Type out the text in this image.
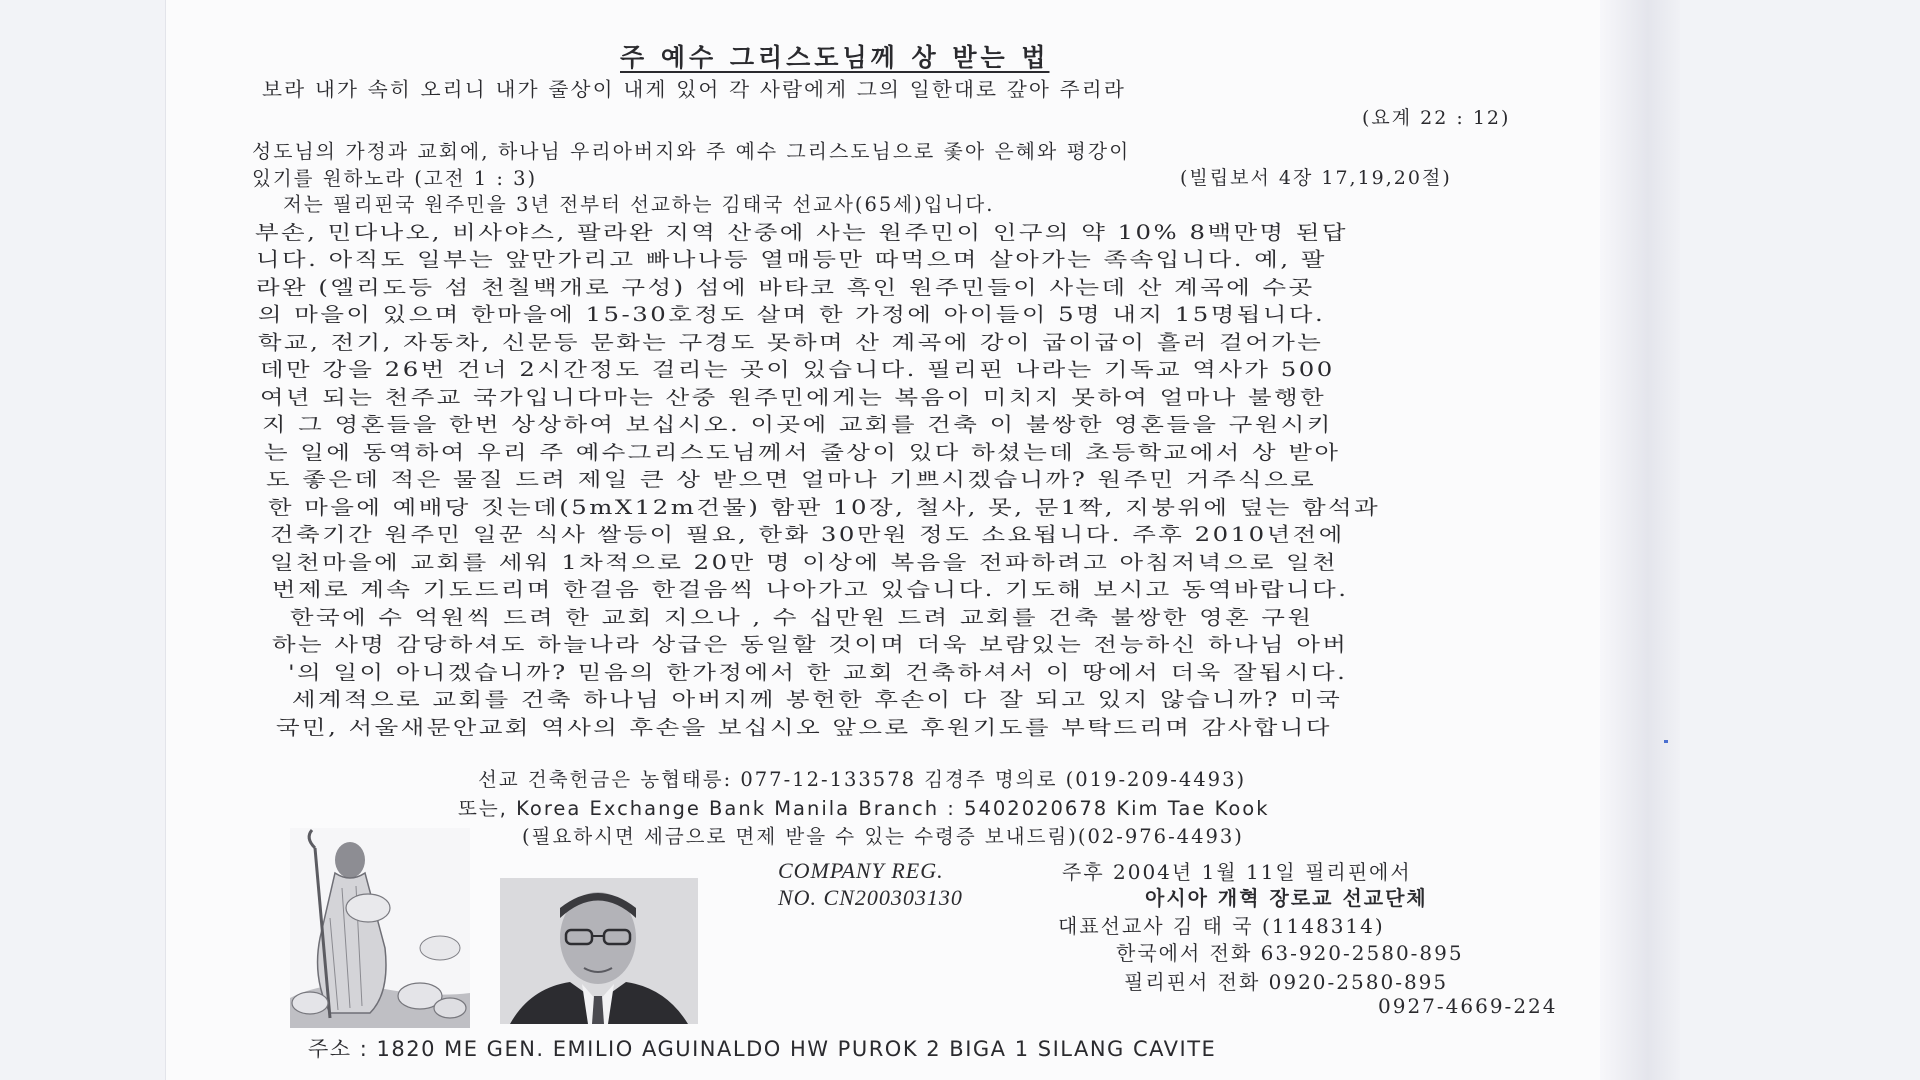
주 예수 그리스도님께 상 받는 법
보라 내가 속히 오리니 내가 줄상이 내게 있어 각 사람에게 그의 일한대로 갚아 주리라
(요계 22 : 12)
성도님의 가정과 교회에, 하나님 우리아버지와 주 예수 그리스도님으로 좇아 은혜와 평강이
(빌립보서 4장 17,19,20절)
있기를 원하노라 (고전 1 : 3)
저는 필리핀국 원주민을 3년 전부터 선교하는 김태국 선교사(65세)입니다.
부손, 민다나오, 비사야스, 팔라완 지역 산중에 사는 원주민이 인구의 약 10% 8백만명 된답
니다. 아직도 일부는 앞만가리고 빠나나등 열매등만 따먹으며 살아가는 족속입니다. 예, 팔
라완 (엘리도등 섬 천칠백개로 구성) 섬에 바타코 흑인 원주민들이 사는데 산 계곡에 수곳
의 마을이 있으며 한마을에 15-30호정도 살며 한 가정에 아이들이 5명 내지 15명됩니다.
학교, 전기, 자동차, 신문등 문화는 구경도 못하며 산 계곡에 강이 굽이굽이 흘러 걸어가는
데만 강을 26번 건너 2시간정도 걸리는 곳이 있습니다. 필리핀 나라는 기독교 역사가 500
여년 되는 천주교 국가입니다마는 산중 원주민에게는 복음이 미치지 못하여 얼마나 불행한
지 그 영혼들을 한번 상상하여 보십시오. 이곳에 교회를 건축 이 불쌍한 영혼들을 구원시키
는 일에 동역하여 우리 주 예수그리스도님께서 줄상이 있다 하셨는데 초등학교에서 상 받아
도 좋은데 적은 물질 드려 제일 큰 상 받으면 얼마나 기쁘시겠습니까? 원주민 거주식으로
한 마을에 예배당 짓는데(5mX12m건물) 함판 10장, 철사, 못, 문1짝, 지붕위에 덮는 함석과
건축기간 원주민 일꾼 식사 쌀등이 필요, 한화 30만원 정도 소요됩니다. 주후 2010년전에
일천마을에 교회를 세워 1차적으로 20만 명 이상에 복음을 전파하려고 아침저녁으로 일천
번제로 계속 기도드리며 한걸음 한걸음씩 나아가고 있습니다. 기도해 보시고 동역바랍니다.
한국에 수 억원씩 드려 한 교회 지으나 , 수 십만원 드려 교회를 건축 불쌍한 영혼 구원
하는 사명 감당하셔도 하늘나라 상급은 동일할 것이며 더욱 보람있는 전능하신 하나님 아버
'의 일이 아니겠습니까? 믿음의 한가정에서 한 교회 건축하셔서 이 땅에서 더욱 잘됩시다.
세계적으로 교회를 건축 하나님 아버지께 봉헌한 후손이 다 잘 되고 있지 않습니까? 미국
국민, 서울새문안교회 역사의 후손을 보십시오 앞으로 후원기도를 부탁드리며 감사합니다
선교 건축헌금은 농협태릉: 077-12-133578 김경주 명의로 (019-209-4493)
또는, Korea Exchange Bank Manila Branch : 5402020678 Kim Tae Kook
(필요하시면 세금으로 면제 받을 수 있는 수령증 보내드림)(02-976-4493)
COMPANY REG.
NO. CN200303130
주후 2004년 1월 11일 필리핀에서
아시아 개혁 장로교 선교단체
대표선교사 김 태 국 (1148314)
한국에서 전화 63-920-2580-895
필리핀서 전화 0920-2580-895
0927-4669-224
주소 : 1820 ME GEN. EMILIO AGUINALDO HW PUROK 2 BIGA 1 SILANG CAVITE
